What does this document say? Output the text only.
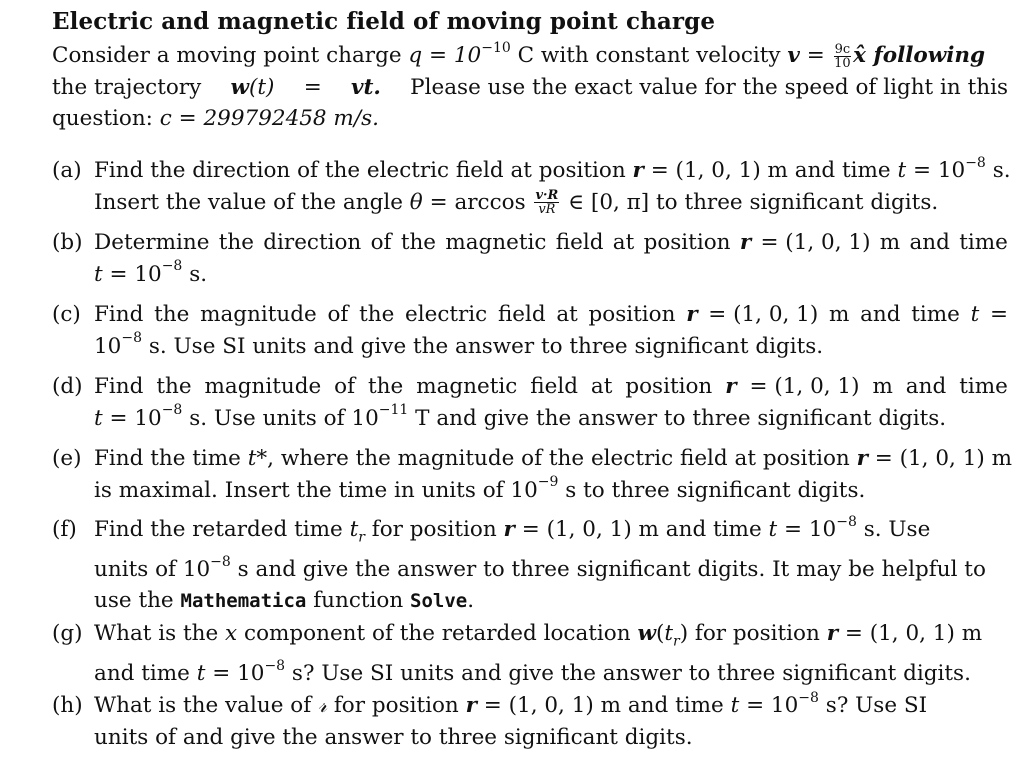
Electric and magnetic field of moving point charge
Consider a moving point charge $q = 10^{-10}$ C with constant velocity $v = \frac{9c}{10}$ x̂ following
the trajectory w(t) = vt. Please use the exact value for the speed of light in this
question: c = 299792458 m/s.
(a) Find the direction of the electric field at position r = (1, 0, 1) m and time $t = 10^{-8}$ s.
Insert the value of the angle $\theta = \arccos \frac{v\cdot R}{vR}$ ∈ [0, π] to three significant digits.
(b) Determine the direction of the magnetic field at position r = (1, 0, 1) m and time
$t = 10^{-8}$ s.
(c) Find the magnitude of the electric field at position r = (1, 0, 1) m and time t =
$10^{-8}$ s. Use SI units and give the answer to three significant digits.
(d) Find the magnitude of the magnetic field at position r = (1, 0, 1) m and time
$t = 10^{-8}$ s. Use units of $10^{-11}$ T and give the answer to three significant digits.
(e) Find the time t*, where the magnitude of the electric field at position r = (1, 0, 1) m
is maximal. Insert the time in units of $10^{-9}$ s to three significant digits.
(f) Find the retarded time $t_r$ for position r = (1, 0, 1) m and time $t = 10^{-8}$ s. Use
units of $10^{-8}$ s and give the answer to three significant digits. It may be helpful to
use the Mathematica function Solve.
(g) What is the x component of the retarded location $w(t_r)$ for position r = (1, 0, 1) m
and time $t = 10^{-8}$ s? Use SI units and give the answer to three significant digits.
(h) What is the value of 𝓇 for position r = (1, 0, 1) m and time $t = 10^{-8}$ s? Use SI
units of and give the answer to three significant digits.
